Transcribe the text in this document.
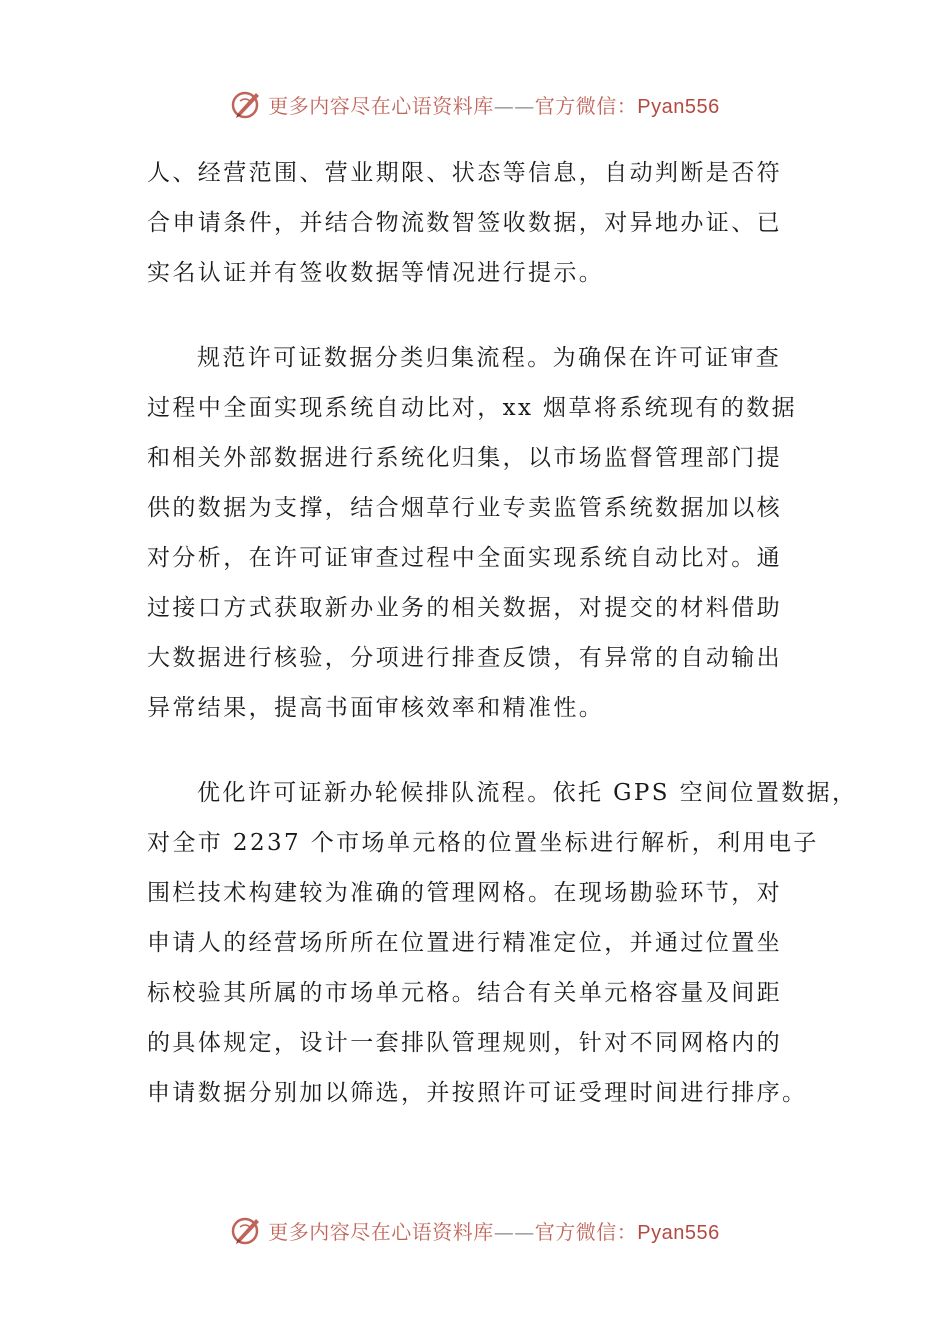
更多内容尽在心语资料库——官方微信：Pyan556
人、经营范围、营业期限、状态等信息，自动判断是否符
合申请条件，并结合物流数智签收数据，对异地办证、已
实名认证并有签收数据等情况进行提示。
规范许可证数据分类归集流程。为确保在许可证审查
过程中全面实现系统自动比对，xx 烟草将系统现有的数据
和相关外部数据进行系统化归集，以市场监督管理部门提
供的数据为支撑，结合烟草行业专卖监管系统数据加以核
对分析，在许可证审查过程中全面实现系统自动比对。通
过接口方式获取新办业务的相关数据，对提交的材料借助
大数据进行核验，分项进行排查反馈，有异常的自动输出
异常结果，提高书面审核效率和精准性。
优化许可证新办轮候排队流程。依托 GPS 空间位置数据，
对全市 2237 个市场单元格的位置坐标进行解析，利用电子
围栏技术构建较为准确的管理网格。在现场勘验环节，对
申请人的经营场所所在位置进行精准定位，并通过位置坐
标校验其所属的市场单元格。结合有关单元格容量及间距
的具体规定，设计一套排队管理规则，针对不同网格内的
申请数据分别加以筛选，并按照许可证受理时间进行排序。
更多内容尽在心语资料库——官方微信：Pyan556
